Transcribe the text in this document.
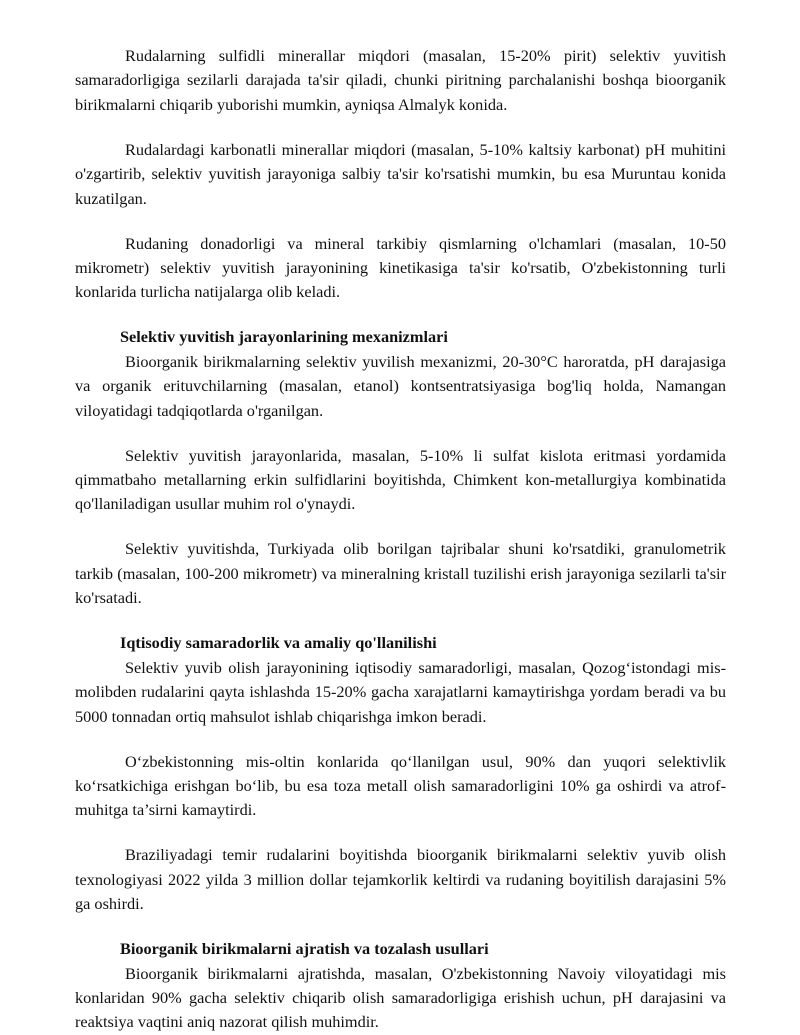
Rudalarning sulfidli minerallar miqdori (masalan, 15-20% pirit) selektiv yuvitish samaradorligiga sezilarli darajada ta's​ir qiladi, chunki piritning parchalanishi boshqa bioorganik birikmalarni chiqarib yuborishi mumkin, ayniqsa Almalyk konida.

Rudalardagi karbonatli minerallar miqdori (masalan, 5-10% kaltsiy karbonat) pH muhitini o'zgartirib, selektiv yuvitish jarayoniga salbiy ta'sir ko'rsatishi mumkin, bu esa Muruntau konida kuzatilgan.

Rudaning donadorligi va mineral tarkibiy qismlarning o'lchamlari (masalan, 10-50 mikrometr) selektiv yuvitish jarayonining kinetikasiga ta'sir ko'rsatib, O'zbekistonning turli konlarida turlicha natijalarga olib keladi.

Selektiv yuvitish jarayonlarining mexanizmlari

Bioorganik birikmalarning selektiv yuvilish mexanizmi, 20-30°C haroratda, pH darajasiga va organik erituvchilarning (masalan, etanol) kontsentratsiyasiga bog'liq holda, Namangan viloyatidagi tadqiqotlarda o'rganilgan.

Selektiv yuvitish jarayonlarida, masalan, 5-10% li sulfat kislota eritmasi yordamida qimmatbaho metallarning erkin sulfidlarini boyitishda, Chimkent kon-metallurgiya kombinatida qo'llaniladigan usullar muhim rol o'ynaydi.

Selektiv yuvitishda, Turkiyada olib borilgan tajribalar shuni ko'rsatdiki, granulometrik tarkib (masalan, 100-200 mikrometr) va mineralning kristall tuzilishi erish jarayoniga sezilarli ta'sir ko'rsatadi.

Iqtisodiy samaradorlik va amaliy qo'llanilishi

Selektiv yuvib olish jarayonining iqtisodiy samaradorligi, masalan, Qozog‘istondagi mis-molibden rudalarini qayta ishlashda 15-20% gacha xarajatlarni kamaytirishga yordam beradi va bu 5000 tonnadan ortiq mahsulot ishlab chiqarishga imkon beradi.

O‘zbekistonning mis-oltin konlarida qo‘llanilgan usul, 90% dan yuqori selektivlik ko‘rsatkichiga erishgan bo‘lib, bu esa toza metall olish samaradorligini 10% ga oshirdi va atrof-muhitga ta’sirni kamaytirdi.

Braziliyadagi temir rudalarini boyitishda bioorganik birikmalarni selektiv yuvib olish texnologiyasi 2022 yilda 3 million dollar tejamkorlik keltirdi va rudaning boyitilish darajasini 5% ga oshirdi.

Bioorganik birikmalarni ajratish va tozalash usullari

Bioorganik birikmalarni ajratishda, masalan, O'zbekistonning Navoiy viloyatidagi mis konlaridan 90% gacha selektiv chiqarib olish samaradorligiga erishish uchun, pH darajasini va reaktsiya vaqtini aniq nazorat qilish muhimdir.
